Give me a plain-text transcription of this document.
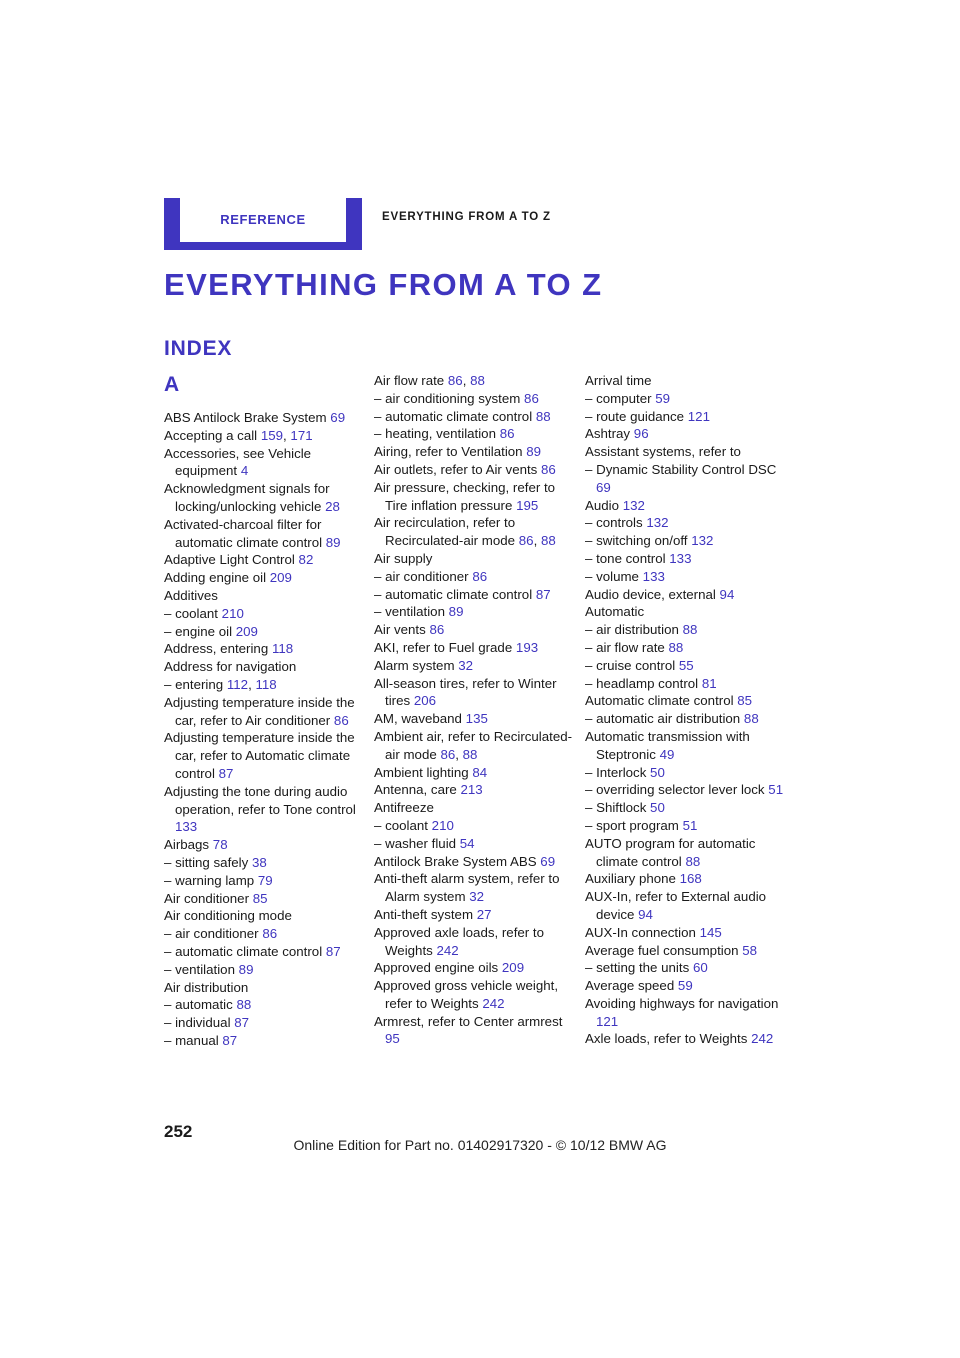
REFERENCE	EVERYTHING FROM A TO Z
EVERYTHING FROM A TO Z
INDEX
A
ABS Antilock Brake System 69
Accepting a call 159, 171
Accessories, see Vehicle equipment 4
Acknowledgment signals for locking/unlocking vehicle 28
Activated-charcoal filter for automatic climate control 89
Adaptive Light Control 82
Adding engine oil 209
Additives
– coolant 210
– engine oil 209
Address, entering 118
Address for navigation
– entering 112, 118
Adjusting temperature inside the car, refer to Air conditioner 86
Adjusting temperature inside the car, refer to Automatic climate control 87
Adjusting the tone during audio operation, refer to Tone control 133
Airbags 78
– sitting safely 38
– warning lamp 79
Air conditioner 85
Air conditioning mode
– air conditioner 86
– automatic climate control 87
– ventilation 89
Air distribution
– automatic 88
– individual 87
– manual 87
Air flow rate 86, 88
– air conditioning system 86
– automatic climate control 88
– heating, ventilation 86
Airing, refer to Ventilation 89
Air outlets, refer to Air vents 86
Air pressure, checking, refer to Tire inflation pressure 195
Air recirculation, refer to Recirculated-air mode 86, 88
Air supply
– air conditioner 86
– automatic climate control 87
– ventilation 89
Air vents 86
AKI, refer to Fuel grade 193
Alarm system 32
All-season tires, refer to Winter tires 206
AM, waveband 135
Ambient air, refer to Recirculated-air mode 86, 88
Ambient lighting 84
Antenna, care 213
Antifreeze
– coolant 210
– washer fluid 54
Antilock Brake System ABS 69
Anti-theft alarm system, refer to Alarm system 32
Anti-theft system 27
Approved axle loads, refer to Weights 242
Approved engine oils 209
Approved gross vehicle weight, refer to Weights 242
Armrest, refer to Center armrest 95
Arrival time
– computer 59
– route guidance 121
Ashtray 96
Assistant systems, refer to
– Dynamic Stability Control DSC 69
Audio 132
– controls 132
– switching on/off 132
– tone control 133
– volume 133
Audio device, external 94
Automatic
– air distribution 88
– air flow rate 88
– cruise control 55
– headlamp control 81
Automatic climate control 85
– automatic air distribution 88
Automatic transmission with Steptronic 49
– Interlock 50
– overriding selector lever lock 51
– Shiftlock 50
– sport program 51
AUTO program for automatic climate control 88
Auxiliary phone 168
AUX-In, refer to External audio device 94
AUX-In connection 145
Average fuel consumption 58
– setting the units 60
Average speed 59
Avoiding highways for navigation 121
Axle loads, refer to Weights 242
252
Online Edition for Part no. 01402917320 - © 10/12 BMW AG
